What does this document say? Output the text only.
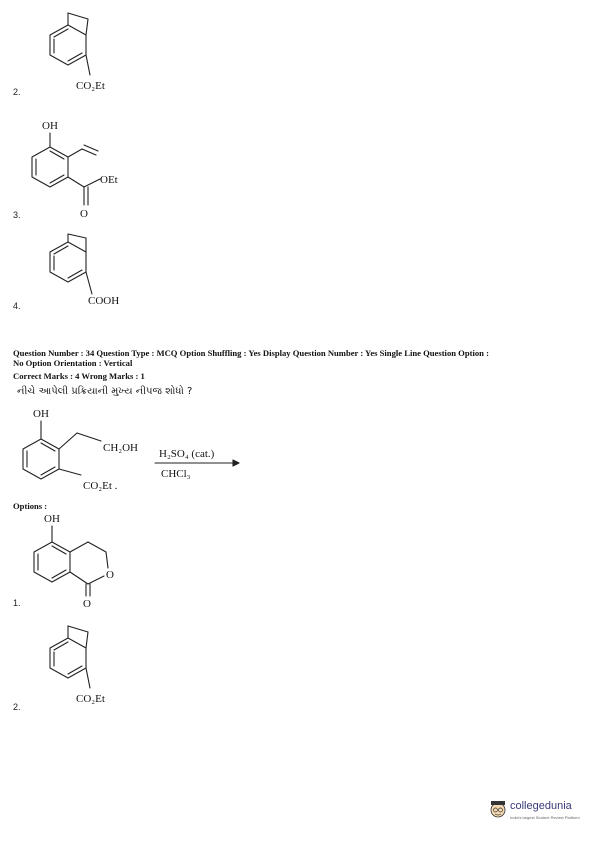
CO₂Et
2.
OH
OEt
O
3.
COOH
4.
Question Number : 34 Question Type : MCQ Option Shuffling : Yes Display Question Number : Yes Single Line Question Option :
No Option Orientation : Vertical
Correct Marks : 4 Wrong Marks : 1
નીચે આપેલી પ્રક્રિયાની મુખ્ય નીપજ શોધો ?
OH
CH₂OH
CO₂Et .
H₂SO₄ (cat.)
CHCl₃
Options :
OH
O
O
1.
CO₂Et
2.
collegedunia
India's largest Student Review Platform
